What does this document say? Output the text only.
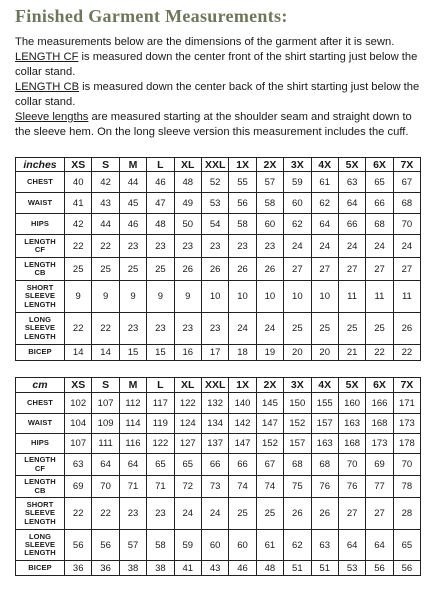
Finished Garment Measurements:

The measurements below are the dimensions of the garment after it is sewn.

LENGTH CF is measured down the center front of the shirt starting just below the collar stand.

LENGTH CB is measured down the center back of the shirt starting just below the collar stand.

Sleeve lengths are measured starting at the shoulder seam and straight down to the sleeve hem. On the long sleeve version this measurement includes the cuff.

inches	XS	S	M	L	XL	XXL	1X	2X	3X	4X	5X	6X	7X
CHEST	40	42	44	46	48	52	55	57	59	61	63	65	67
WAIST	41	43	45	47	49	53	56	58	60	62	64	66	68
HIPS	42	44	46	48	50	54	58	60	62	64	66	68	70
LENGTH
CF	22	22	23	23	23	23	23	23	24	24	24	24	24
LENGTH
CB	25	25	25	25	26	26	26	26	27	27	27	27	27
SHORT
SLEEVE
LENGTH	9	9	9	9	9	10	10	10	10	10	11	11	11
LONG
SLEEVE
LENGTH	22	22	23	23	23	23	24	24	25	25	25	25	26
BICEP	14	14	15	15	16	17	18	19	20	20	21	22	22
cm	XS	S	M	L	XL	XXL	1X	2X	3X	4X	5X	6X	7X
CHEST	102	107	112	117	122	132	140	145	150	155	160	166	171
WAIST	104	109	114	119	124	134	142	147	152	157	163	168	173
HIPS	107	111	116	122	127	137	147	152	157	163	168	173	178
LENGTH
CF	63	64	64	65	65	66	66	67	68	68	70	69	70
LENGTH
CB	69	70	71	71	72	73	74	74	75	76	76	77	78
SHORT
SLEEVE
LENGTH	22	22	23	23	24	24	25	25	26	26	27	27	28
LONG
SLEEVE
LENGTH	56	56	57	58	59	60	60	61	62	63	64	64	65
BICEP	36	36	38	38	41	43	46	48	51	51	53	56	56
